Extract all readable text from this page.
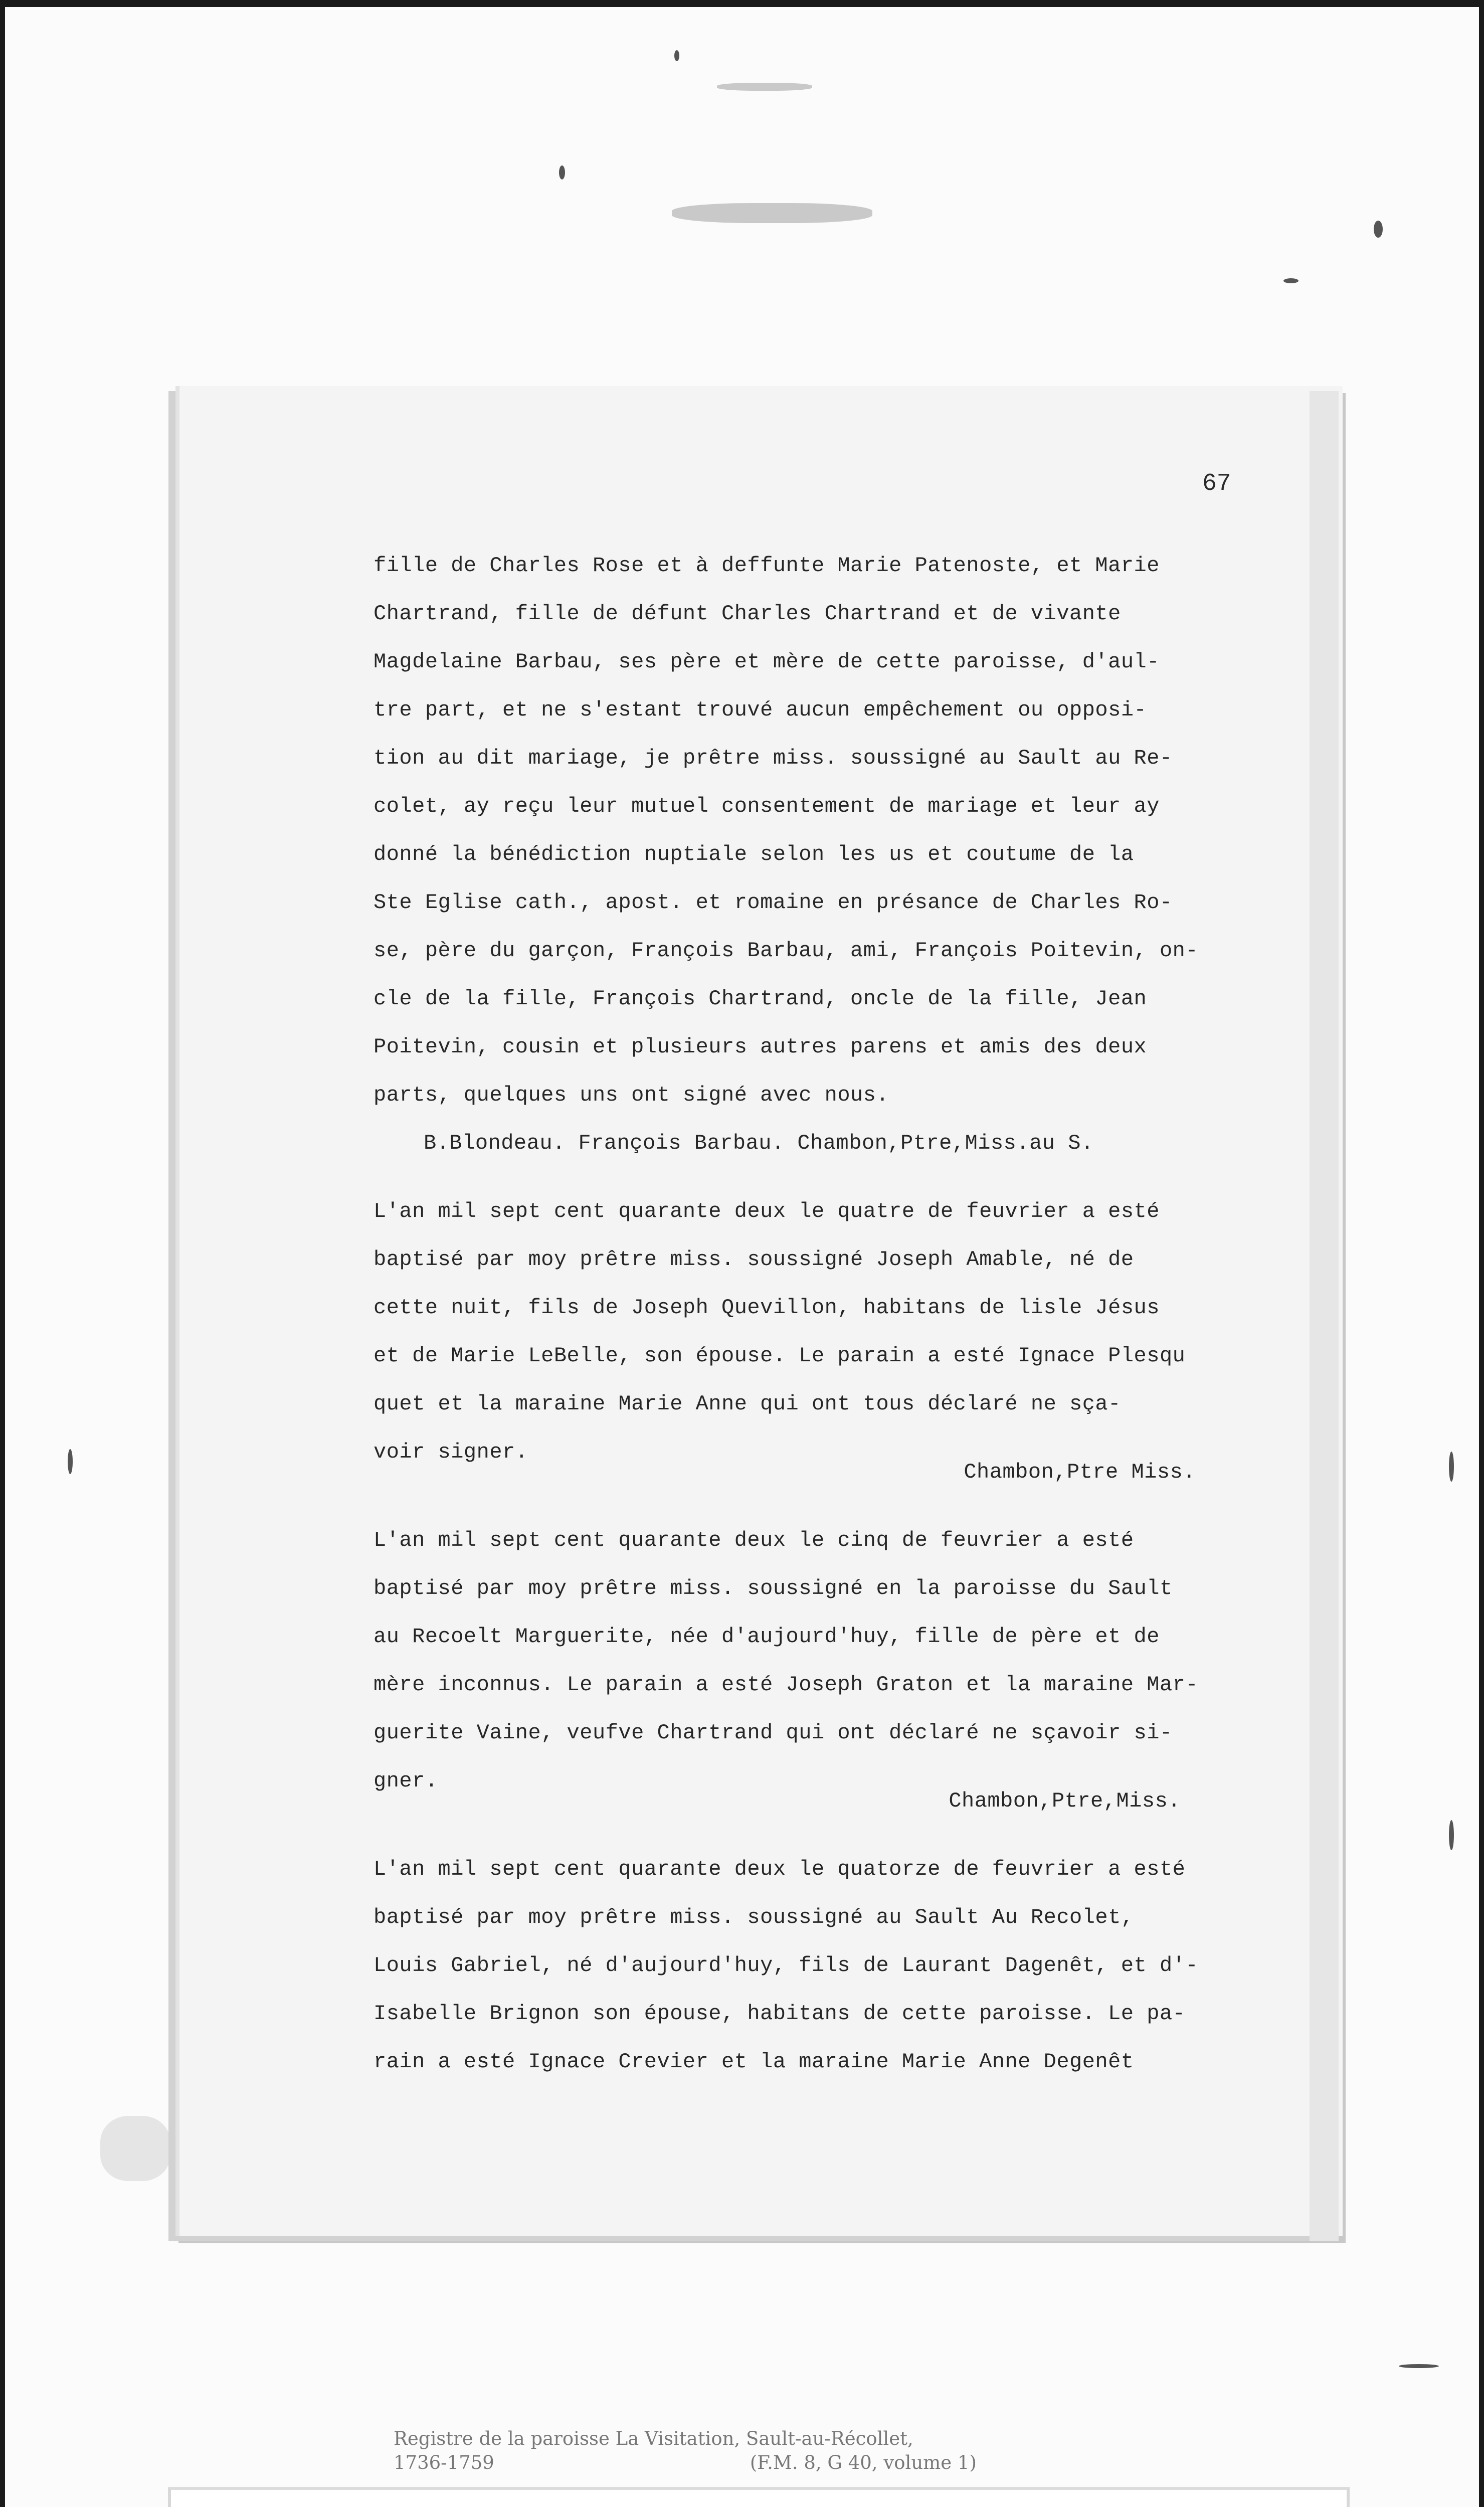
67
fille de Charles Rose et à deffunte Marie Patenoste, et Marie
Chartrand, fille de défunt Charles Chartrand et de vivante
Magdelaine Barbau, ses père et mère de cette paroisse, d'aul-
tre part, et ne s'estant trouvé aucun empêchement ou opposi-
tion au dit mariage, je prêtre miss. soussigné au Sault au Re-
colet, ay reçu leur mutuel consentement de mariage et leur ay
donné la bénédiction nuptiale selon les us et coutume de la
Ste Eglise cath., apost. et romaine en présance de Charles Ro-
se, père du garçon, François Barbau, ami, François Poitevin, on-
cle de la fille, François Chartrand, oncle de la fille, Jean
Poitevin, cousin et plusieurs autres parens et amis des deux
parts, quelques uns ont signé avec nous.
B.Blondeau. François Barbau. Chambon,Ptre,Miss.au S.
L'an mil sept cent quarante deux le quatre de feuvrier a esté
baptisé par moy prêtre miss. soussigné Joseph Amable, né de
cette nuit, fils de Joseph Quevillon, habitans de lisle Jésus
et de Marie LeBelle, son épouse. Le parain a esté Ignace Plesqu
quet et la maraine Marie Anne qui ont tous déclaré ne sça-
voir signer.
Chambon,Ptre Miss.
L'an mil sept cent quarante deux le cinq de feuvrier a esté
baptisé par moy prêtre miss. soussigné en la paroisse du Sault
au Recoelt Marguerite, née d'aujourd'huy, fille de père et de
mère inconnus. Le parain a esté Joseph Graton et la maraine Mar-
guerite Vaine, veufve Chartrand qui ont déclaré ne sçavoir si-
gner.
Chambon,Ptre,Miss.
L'an mil sept cent quarante deux le quatorze de feuvrier a esté
baptisé par moy prêtre miss. soussigné au Sault Au Recolet,
Louis Gabriel, né d'aujourd'huy, fils de Laurant Dagenêt, et d'-
Isabelle Brignon son épouse, habitans de cette paroisse. Le pa-
rain a esté Ignace Crevier et la maraine Marie Anne Degenêt
Registre de la paroisse La Visitation, Sault-au-Récollet,
1736-1759	(F.M. 8, G 40, volume 1)
